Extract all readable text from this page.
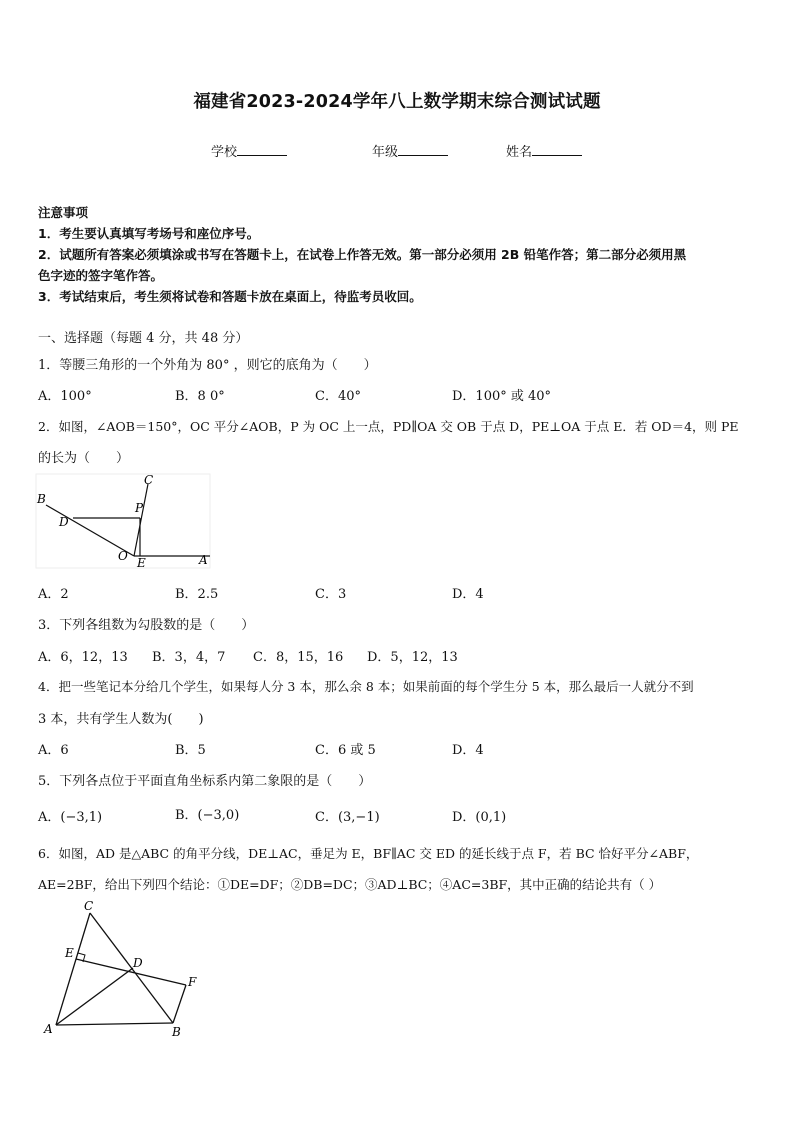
福建省2023-2024学年八上数学期末综合测试试题
学校	年级	姓名

注意事项

1．考生要认真填写考场号和座位序号。

2．试题所有答案必须填涂或书写在答题卡上，在试卷上作答无效。第一部分必须用 2B 铅笔作答；第二部分必须用黑

色字迹的签字笔作答。

3．考试结束后，考生须将试卷和答题卡放在桌面上，待监考员收回。

一、选择题（每题 4 分，共 48 分）
1．等腰三角形的一个外角为 80° ，则它的底角为（　　）
A．100°	B．8 0°	C．40°	D．100° 或 40°
2．如图，∠AOB＝150°，OC 平分∠AOB，P 为 OC 上一点，PD∥OA 交 OB 于点 D，PE⊥OA 于点 E．若 OD＝4，则 PE
的长为（　　）
B
C
D
P
O E	A
A．2	B．2.5	C．3	D．4
3．下列各组数为勾股数的是（　　）
A．6，12，13 B．3，4，7 C．8，15，16 D．5，12，13
4．把一些笔记本分给几个学生，如果每人分 3 本，那么余 8 本；如果前面的每个学生分 5 本，那么最后一人就分不到
3 本，共有学生人数为(　　)
A．6	B．5	C．6 或 5	D．4
5．下列各点位于平面直角坐标系内第二象限的是（　　）
A．(−3,1)	B．(−3,0)	C．(3,−1)	D．(0,1)
6．如图，AD 是△ABC 的角平分线，DE⊥AC，垂足为 E，BF∥AC 交 ED 的延长线于点 F，若 BC 恰好平分∠ABF，
AE=2BF，给出下列四个结论：①DE=DF；②DB=DC；③AD⊥BC；④AC=3BF，其中正确的结论共有（ ）
C
E
D
F
A	B
